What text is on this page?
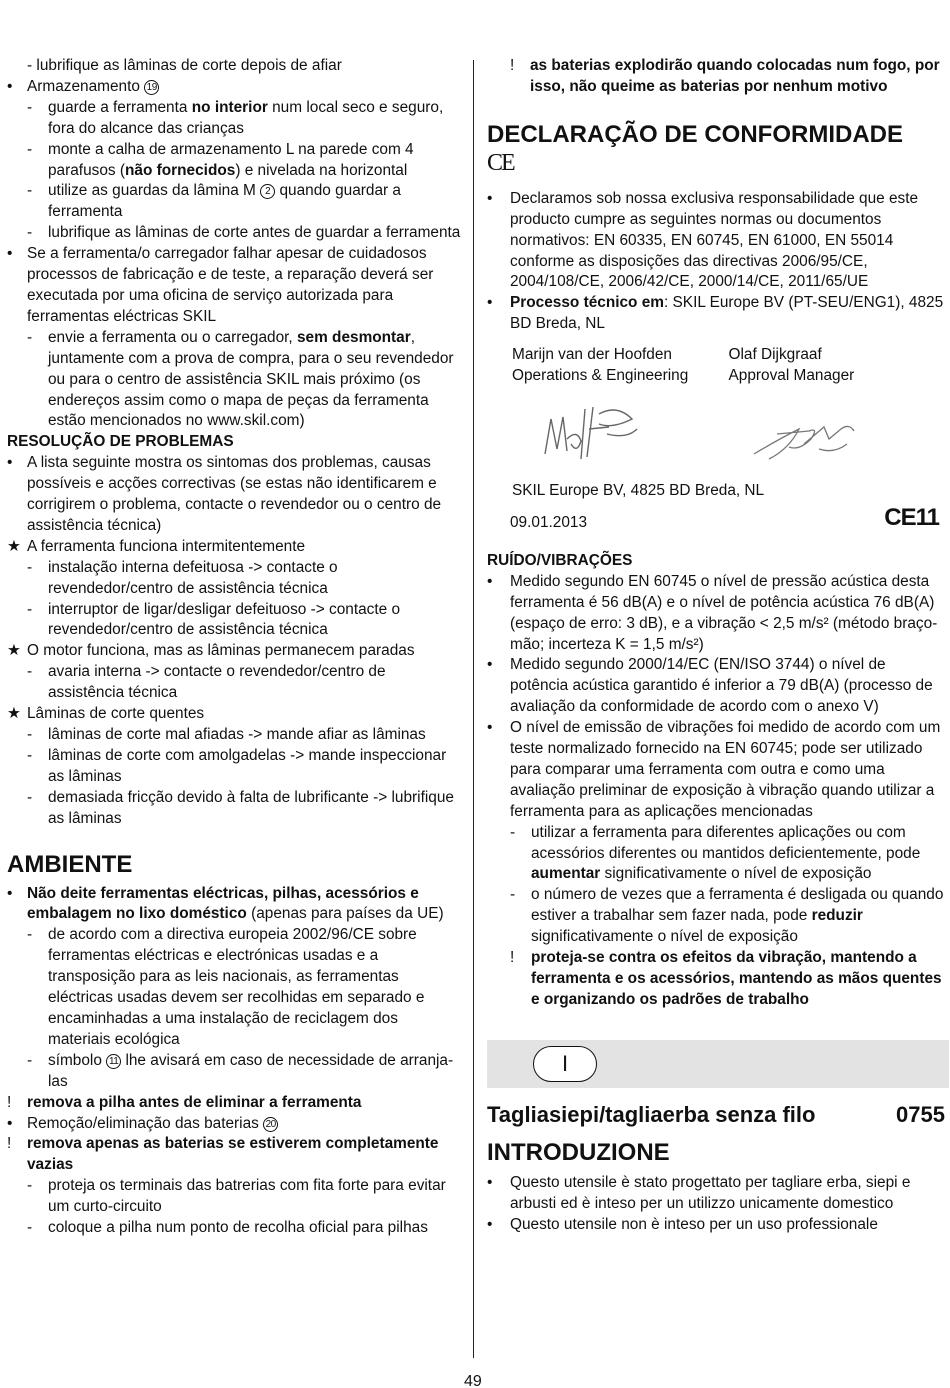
- lubrifique as lâminas de corte depois de afiar
• Armazenamento 19
-	guarde a ferramenta no interior num local seco e seguro, fora do alcance das crianças
-	monte a calha de armazenamento L na parede com 4 parafusos (não fornecidos) e nivelada na horizontal
-	utilize as guardas da lâmina M 2 quando guardar a ferramenta
-	lubrifique as lâminas de corte antes de guardar a ferramenta
• Se a ferramenta/o carregador falhar apesar de cuidadosos processos de fabricação e de teste, a reparação deverá ser executada por uma oficina de serviço autorizada para ferramentas eléctricas SKIL
-	envie a ferramenta ou o carregador, sem desmontar, juntamente com a prova de compra, para o seu revendedor ou para o centro de assistência SKIL mais próximo (os endereços assim como o mapa de peças da ferramenta estão mencionados no www.skil.com)
RESOLUÇÃO DE PROBLEMAS
• A lista seguinte mostra os sintomas dos problemas, causas possíveis e acções correctivas (se estas não identificarem e corrigirem o problema, contacte o revendedor ou o centro de assistência técnica)
★ A ferramenta funciona intermitentemente
-	instalação interna defeituosa -> contacte o revendedor/centro de assistência técnica
-	interruptor de ligar/desligar defeituoso -> contacte o revendedor/centro de assistência técnica
★ O motor funciona, mas as lâminas permanecem paradas
-	avaria interna -> contacte o revendedor/centro de assistência técnica
★ Lâminas de corte quentes
-	lâminas de corte mal afiadas -> mande afiar as lâminas
-	lâminas de corte com amolgadelas -> mande inspeccionar as lâminas
-	demasiada fricção devido à falta de lubrificante -> lubrifique as lâminas
AMBIENTE
• Não deite ferramentas eléctricas, pilhas, acessórios e embalagem no lixo doméstico (apenas para países da UE)
-	de acordo com a directiva europeia 2002/96/CE sobre ferramentas eléctricas e electrónicas usadas e a transposição para as leis nacionais, as ferramentas eléctricas usadas devem ser recolhidas em separado e encaminhadas a uma instalação de reciclagem dos materiais ecológica
-	símbolo 11 lhe avisará em caso de necessidade de arranja-las
!	remova a pilha antes de eliminar a ferramenta
• Remoção/eliminação das baterias 20
!	remova apenas as baterias se estiverem completamente vazias
-	proteja os terminais das batrerias com fita forte para evitar um curto-circuito
-	coloque a pilha num ponto de recolha oficial para pilhas
!	as baterias explodirão quando colocadas num fogo, por isso, não queime as baterias por nenhum motivo
DECLARAÇÃO DE CONFORMIDADE
CE
•	Declaramos sob nossa exclusiva responsabilidade que este producto cumpre as seguintes normas ou documentos normativos: EN 60335, EN 60745, EN 61000, EN 55014 conforme as disposições das directivas 2006/95/CE, 2004/108/CE, 2006/42/CE, 2000/14/CE, 2011/65/UE
•	Processo técnico em: SKIL Europe BV (PT-SEU/ENG1), 4825 BD Breda, NL
Marijn van der Hoofden
Operations & Engineering
Olaf Dijkgraaf
Approval Manager
SKIL Europe BV, 4825 BD Breda, NL
09.01.2013	CE11
RUÍDO/VIBRAÇÕES
•	Medido segundo EN 60745 o nível de pressão acústica desta ferramenta é 56 dB(A) e o nível de potência acústica 76 dB(A) (espaço de erro: 3 dB), e a vibração < 2,5 m/s² (método braço-mão; incerteza K = 1,5 m/s²)
•	Medido segundo 2000/14/EC (EN/ISO 3744) o nível de potência acústica garantido é inferior a 79 dB(A) (processo de avaliação da conformidade de acordo com o anexo V)
•	O nível de emissão de vibrações foi medido de acordo com um teste normalizado fornecido na EN 60745; pode ser utilizado para comparar uma ferramenta com outra e como uma avaliação preliminar de exposição à vibração quando utilizar a ferramenta para as aplicações mencionadas
-	utilizar a ferramenta para diferentes aplicações ou com acessórios diferentes ou mantidos deficientemente, pode aumentar significativamente o nível de exposição
-	o número de vezes que a ferramenta é desligada ou quando estiver a trabalhar sem fazer nada, pode reduzir significativamente o nível de exposição
!	proteja-se contra os efeitos da vibração, mantendo a ferramenta e os acessórios, mantendo as mãos quentes e organizando os padrões de trabalho
I
Tagliasiepi/tagliaerba senza filo	0755
INTRODUZIONE
•	Questo utensile è stato progettato per tagliare erba, siepi e arbusti ed è inteso per un utilizzo unicamente domestico
•	Questo utensile non è inteso per un uso professionale
49
